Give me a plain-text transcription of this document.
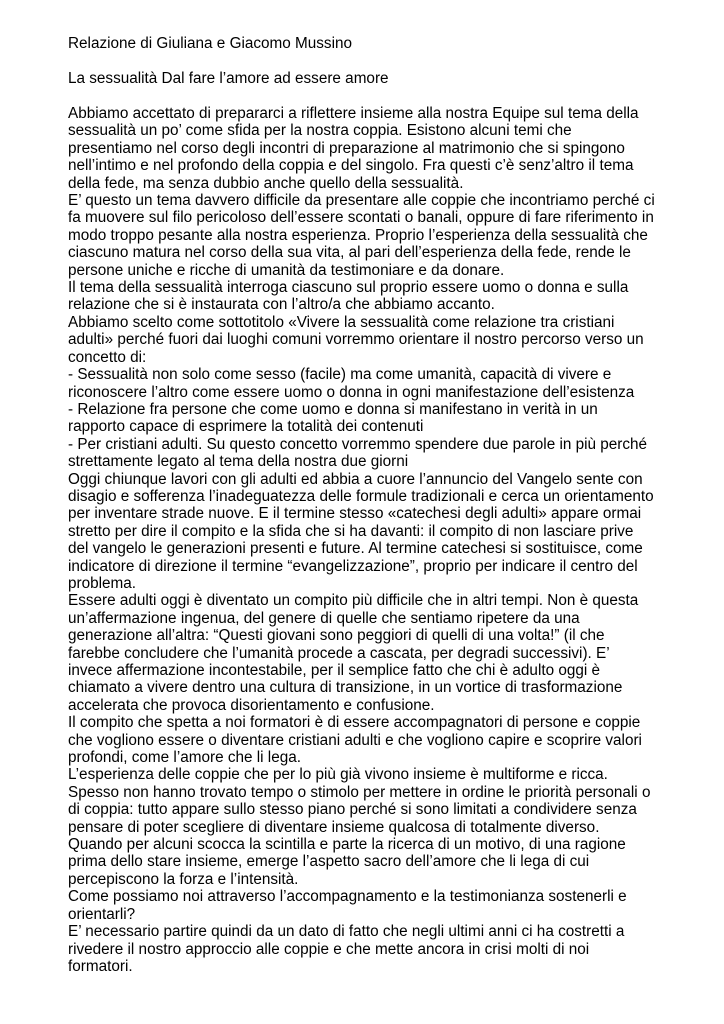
Relazione di Giuliana e Giacomo Mussino

La sessualità Dal fare l’amore ad essere amore

Abbiamo accettato di prepararci a riflettere insieme alla nostra Equipe sul tema della
sessualità un po’ come sfida per la nostra coppia. Esistono alcuni temi che
presentiamo nel corso degli incontri di preparazione al matrimonio che si spingono
nell’intimo e nel profondo della coppia e del singolo. Fra questi c’è senz’altro il tema
della fede, ma senza dubbio anche quello della sessualità.

E’ questo un tema davvero difficile da presentare alle coppie che incontriamo perché ci
fa muovere sul filo pericoloso dell’essere scontati o banali, oppure di fare riferimento in
modo troppo pesante alla nostra esperienza. Proprio l’esperienza della sessualità che
ciascuno matura nel corso della sua vita, al pari dell’esperienza della fede, rende le
persone uniche e ricche di umanità da testimoniare e da donare.

Il tema della sessualità interroga ciascuno sul proprio essere uomo o donna e sulla
relazione che si è instaurata con l’altro/a che abbiamo accanto.

Abbiamo scelto come sottotitolo «Vivere la sessualità come relazione tra cristiani
adulti» perché fuori dai luoghi comuni vorremmo orientare il nostro percorso verso un
concetto di:

- Sessualità non solo come sesso (facile) ma come umanità, capacità di vivere e
riconoscere l’altro come essere uomo o donna in ogni manifestazione dell’esistenza

- Relazione fra persone che come uomo e donna si manifestano in verità in un
rapporto capace di esprimere la totalità dei contenuti

- Per cristiani adulti. Su questo concetto vorremmo spendere due parole in più perché
strettamente legato al tema della nostra due giorni

Oggi chiunque lavori con gli adulti ed abbia a cuore l’annuncio del Vangelo sente con
disagio e sofferenza l’inadeguatezza delle formule tradizionali e cerca un orientamento
per inventare strade nuove. E il termine stesso «catechesi degli adulti» appare ormai
stretto per dire il compito e la sfida che si ha davanti: il compito di non lasciare prive
del vangelo le generazioni presenti e future. Al termine catechesi si sostituisce, come
indicatore di direzione il termine “evangelizzazione”, proprio per indicare il centro del
problema.

Essere adulti oggi è diventato un compito più difficile che in altri tempi. Non è questa
un’affermazione ingenua, del genere di quelle che sentiamo ripetere da una
generazione all’altra: “Questi giovani sono peggiori di quelli di una volta!” (il che
farebbe concludere che l’umanità procede a cascata, per degradi successivi). E’
invece affermazione incontestabile, per il semplice fatto che chi è adulto oggi è
chiamato a vivere dentro una cultura di transizione, in un vortice di trasformazione
accelerata che provoca disorientamento e confusione.

Il compito che spetta a noi formatori è di essere accompagnatori di persone e coppie
che vogliono essere o diventare cristiani adulti e che vogliono capire e scoprire valori
profondi, come l’amore che li lega.

L’esperienza delle coppie che per lo più già vivono insieme è multiforme e ricca.
Spesso non hanno trovato tempo o stimolo per mettere in ordine le priorità personali o
di coppia: tutto appare sullo stesso piano perché si sono limitati a condividere senza
pensare di poter scegliere di diventare insieme qualcosa di totalmente diverso.

Quando per alcuni scocca la scintilla e parte la ricerca di un motivo, di una ragione
prima dello stare insieme, emerge l’aspetto sacro dell’amore che li lega di cui
percepiscono la forza e l’intensità.

Come possiamo noi attraverso l’accompagnamento e la testimonianza sostenerli e
orientarli?

E’ necessario partire quindi da un dato di fatto che negli ultimi anni ci ha costretti a
rivedere il nostro approccio alle coppie e che mette ancora in crisi molti di noi
formatori.
